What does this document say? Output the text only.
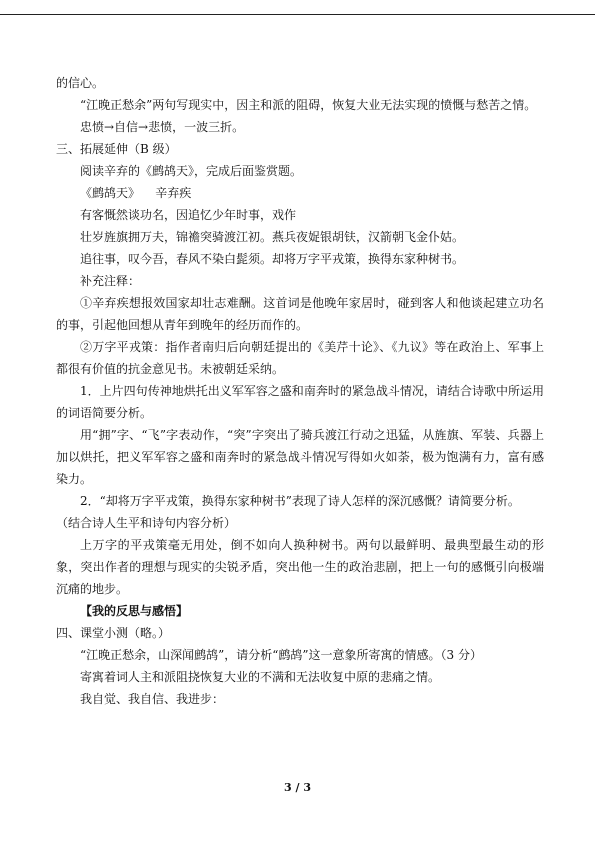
的信心。

“江晚正愁余”两句写现实中，因主和派的阻碍，恢复大业无法实现的愤慨与愁苦之情。

忠愤→自信→悲愤，一波三折。

三、拓展延伸（B 级）

阅读辛弃的《鹧鸪天》，完成后面鉴赏题。

《鹧鸪天》    辛弃疾

有客慨然谈功名，因追忆少年时事，戏作

壮岁旌旗拥万夫，锦襜突骑渡江初。燕兵夜娖银胡𫓧，汉箭朝飞金仆姑。

追往事，叹今吾，春风不染白髭须。却将万字平戎策，换得东家种树书。

补充注释：

①辛弃疾想报效国家却壮志难酬。这首词是他晚年家居时，碰到客人和他谈起建立功名的事，引起他回想从青年到晚年的经历而作的。

②万字平戎策：指作者南归后向朝廷提出的《美芹十论》、《九议》等在政治上、军事上都很有价值的抗金意见书。未被朝廷采纳。

1．上片四句传神地烘托出义军军容之盛和南奔时的紧急战斗情况，请结合诗歌中所运用的词语简要分析。

用“拥”字、“飞”字表动作，“突”字突出了骑兵渡江行动之迅猛，从旌旗、军装、兵器上加以烘托，把义军军容之盛和南奔时的紧急战斗情况写得如火如荼，极为饱满有力，富有感染力。

2．“却将万字平戎策，换得东家种树书”表现了诗人怎样的深沉感慨？请简要分析。

（结合诗人生平和诗句内容分析）

上万字的平戎策毫无用处，倒不如向人换种树书。两句以最鲜明、最典型最生动的形象，突出作者的理想与现实的尖锐矛盾，突出他一生的政治悲剧，把上一句的感慨引向极端沉痛的地步。

【我的反思与感悟】

四、课堂小测（略。）

“江晚正愁余，山深闻鹧鸪”，请分析“鹧鸪”这一意象所寄寓的情感。（3 分）

寄寓着词人主和派阻挠恢复大业的不满和无法收复中原的悲痛之情。

我自觉、我自信、我进步：

3 / 3
